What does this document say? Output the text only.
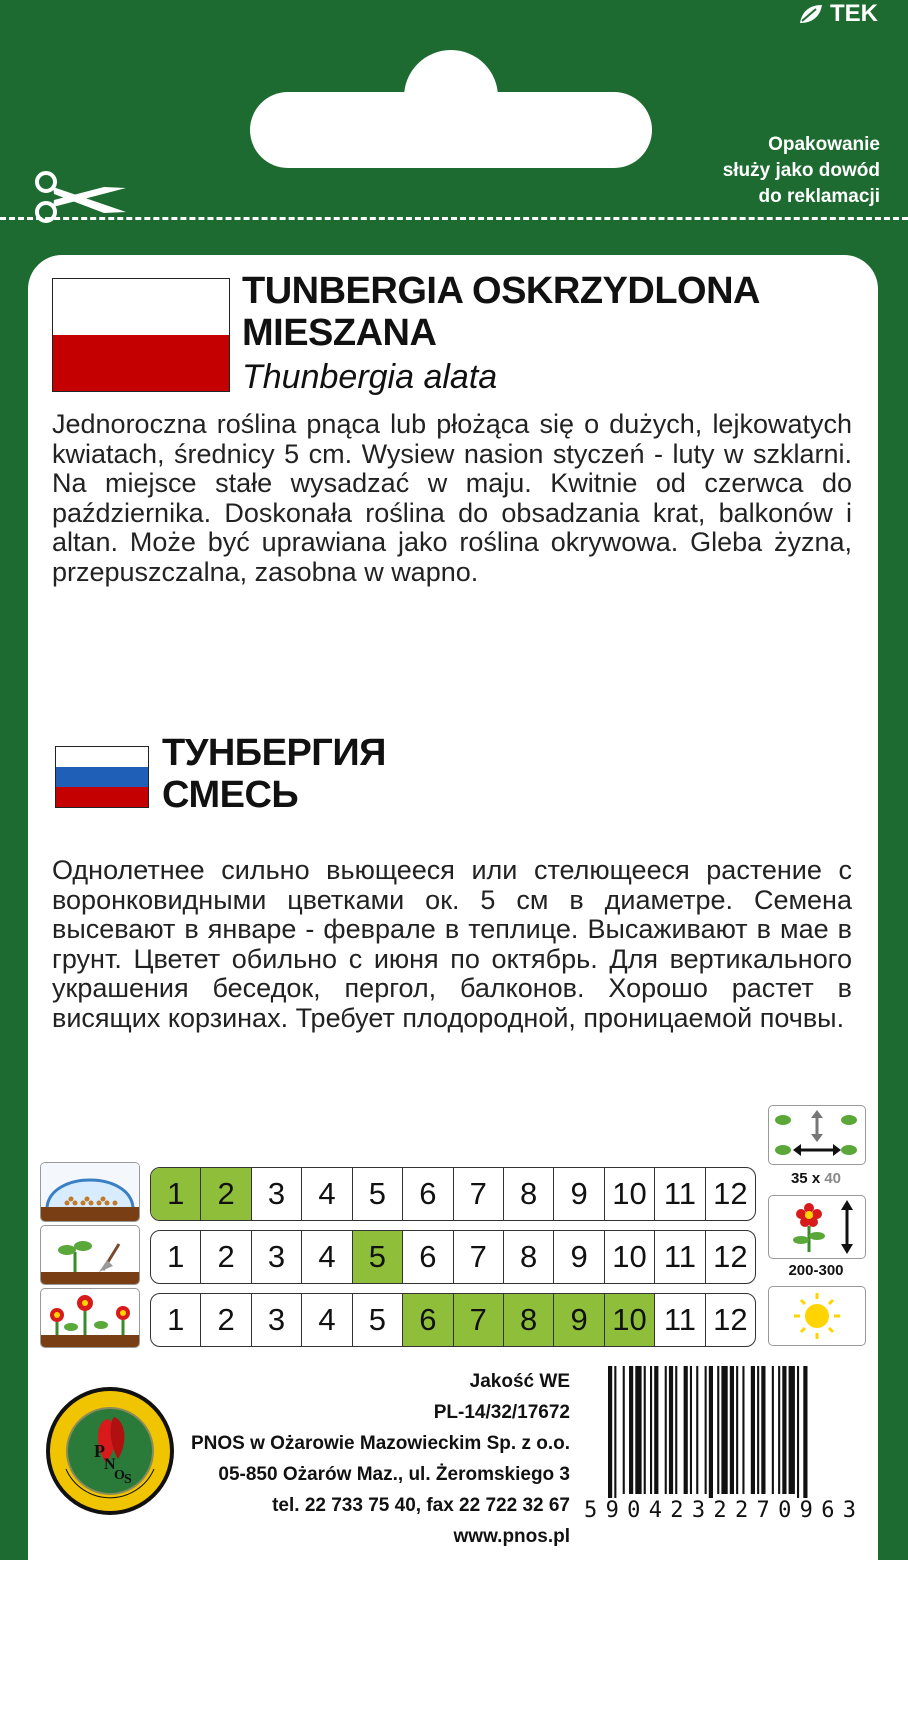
TEK
Opakowanie
służy jako dowód
do reklamacji
TUNBERGIA OSKRZYDLONA
MIESZANA
Thunbergia alata
Jednoroczna roślina pnąca lub płożąca się o dużych, lejkowatych kwiatach, średnicy 5 cm. Wysiew nasion styczeń - luty w szklarni. Na miejsce stałe wysadzać w maju. Kwitnie od czerwca do października. Doskonała roślina do obsadzania krat, balkonów i altan. Może być uprawiana jako roślina okrywowa. Gleba żyzna, przepuszczalna, zasobna w wapno.
ТУНБЕРГИЯ
СМЕСЬ
Однолетнее сильно вьющееся или стелющееся растение с воронковидными цветками ок. 5 см в диаметре. Семена высевают в январе - феврале в теплице. Высаживают в мае в грунт. Цветет обильно с июня по октябрь. Для вертикального украшения беседок, пергол, балконов. Хорошо растет в висящих корзинах. Требует плодородной, проницаемой почвы.
1	2	3	4	5	6	7	8	9 10 11 12
1	2	3	4	5	6	7	8	9 10 11 12
1	2	3	4	5	6	7	8	9 10 11 12
35 x 40
200-300
P
N
O S
Jakość WE
PL-14/32/17672
PNOS w Ożarowie Mazowieckim Sp. z o.o.
05-850 Ożarów Maz., ul. Żeromskiego 3
tel. 22 733 75 40, fax 22 722 32 67
www.pnos.pl
5 9 0 4 2 3 2 2 7 0 9 6 3
